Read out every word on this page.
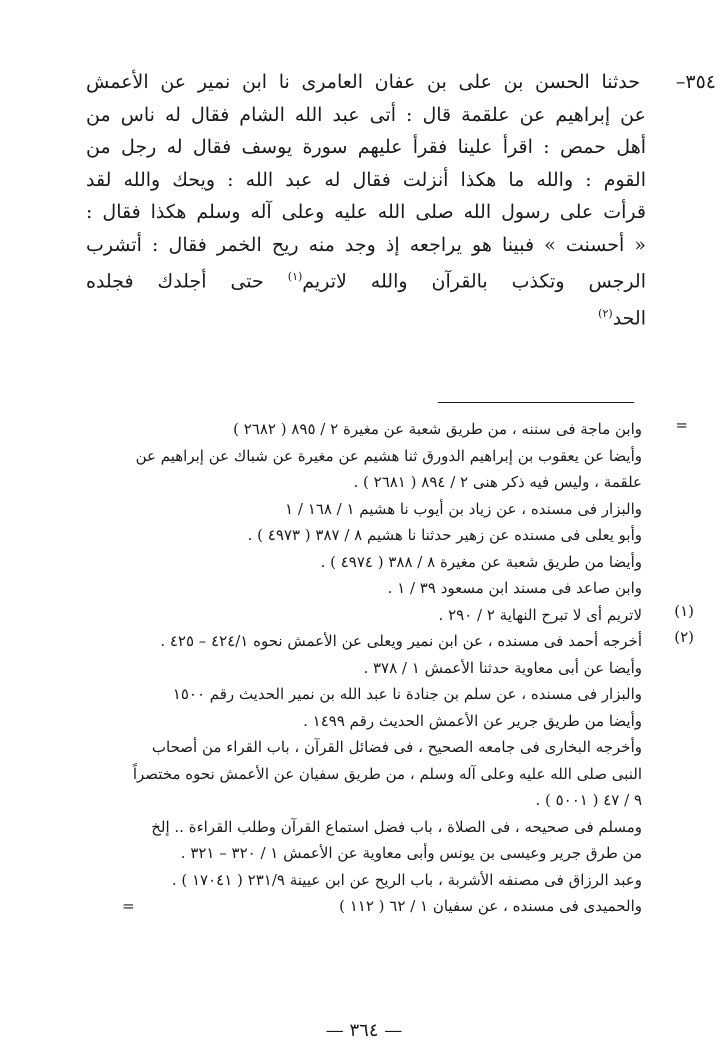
٣٥٤–حدثنا الحسن بن على بن عفان العامرى نا ابن نمير عن الأعمش
عن إبراهيم عن علقمة قال : أتى عبد الله الشام فقال له ناس من
أهل حمص : اقرأ علينا فقرأ عليهم سورة يوسف فقال له رجل من
القوم : والله ما هكذا أنزلت فقال له عبد الله : ويحك والله لقد
قرأت على رسول الله صلى الله عليه وعلى آله وسلم هكذا فقال :
« أحسنت » فبينا هو يراجعه إذ وجد منه ريح الخمر فقال : أتشرب
الرجس وتكذب بالقرآن والله لاتريم$^{(١)}$ حتى أجلدك فجلده
الحد$^{(٢)}$
=
وابن ماجة فى سننه ، من طريق شعبة عن مغيرة ٢ / ٨٩٥ ( ٢٦٨٢ )
وأيضا عن يعقوب بن إبراهيم الدورق ثنا هشيم عن مغيرة عن شباك عن إبراهيم عن
علقمة ، وليس فيه ذكر هنى ٢ / ٨٩٤ ( ٢٦٨١ ) .
والبزار فى مسنده ، عن زياد بن أيوب نا هشيم ١ / ١٦٨ / ١
وأبو يعلى فى مسنده عن زهير حدثنا نا هشيم ٨ / ٣٨٧ ( ٤٩٧٣ ) .
وأيضا من طريق شعبة عن مغيرة ٨ / ٣٨٨ ( ٤٩٧٤ ) .
وابن صاعد فى مسند ابن مسعود ٣٩ / ١ .
(١)
لاتريم أى لا تبرح النهاية ٢ / ٢٩٠ .
(٢)
أخرجه أحمد فى مسنده ، عن ابن نمير ويعلى عن الأعمش نحوه ٤٢٤/١ – ٤٢٥ .
وأيضا عن أبى معاوية حدثنا الأعمش ١ / ٣٧٨ .
والبزار فى مسنده ، عن سلم بن جنادة نا عبد الله بن نمير الحديث رقم ١٥٠٠
وأيضا من طريق جرير عن الأعمش الحديث رقم ١٤٩٩ .
وأخرجه البخارى فى جامعه الصحيح ، فى فضائل القرآن ، باب القراء من أصحاب
النبى صلى الله عليه وعلى آله وسلم ، من طريق سفيان عن الأعمش نحوه مختصراً
٩ / ٤٧ ( ٥٠٠١ ) .
ومسلم فى صحيحه ، فى الصلاة ، باب فضل استماع القرآن وطلب القراءة .. إلخ
من طرق جرير وعيسى بن يونس وأبى معاوية عن الأعمش ١ / ٣٢٠ – ٣٢١ .
وعبد الرزاق فى مصنفه الأشربة ، باب الريح عن ابن عيينة ٢٣١/٩ ( ١٧٠٤١ ) .
والحميدى فى مسنده ، عن سفيان ١ / ٦٢ ( ١١٢ )
=
— ٣٦٤ —
